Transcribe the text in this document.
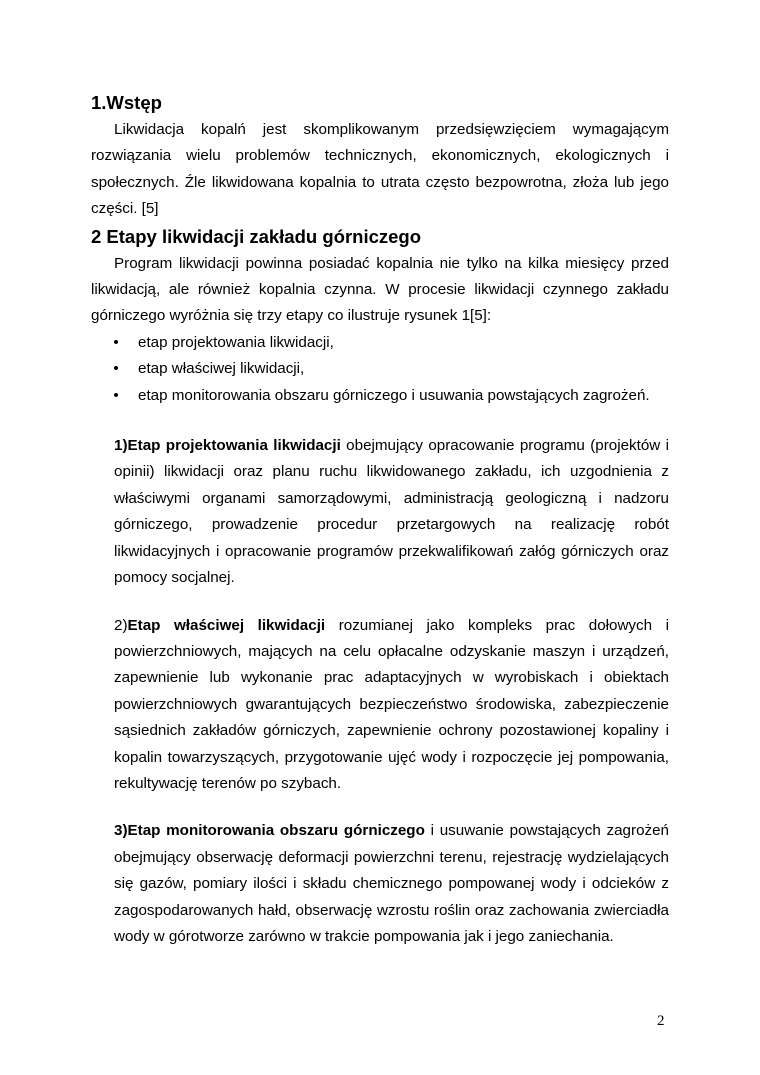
1.Wstęp

Likwidacja kopalń jest skomplikowanym przedsięwzięciem wymagającym rozwiązania wielu problemów technicznych, ekonomicznych, ekologicznych i społecznych. Źle likwidowana kopalnia to utrata często bezpowrotna, złoża lub jego części. [5]

2 Etapy likwidacji zakładu górniczego

Program likwidacji powinna posiadać kopalnia nie tylko na kilka miesięcy przed likwidacją, ale również kopalnia czynna. W procesie likwidacji czynnego zakładu górniczego wyróżnia się trzy etapy co ilustruje rysunek 1[5]:

• etap projektowania likwidacji,
• etap właściwej likwidacji,
• etap monitorowania obszaru górniczego i usuwania powstających zagrożeń.

1)Etap projektowania likwidacji obejmujący opracowanie programu (projektów i opinii) likwidacji oraz planu ruchu likwidowanego zakładu, ich uzgodnienia z właściwymi organami samorządowymi, administracją geologiczną i nadzoru górniczego, prowadzenie procedur przetargowych na realizację robót likwidacyjnych i opracowanie programów przekwalifikowań załóg górniczych oraz pomocy socjalnej.

2)Etap właściwej likwidacji rozumianej jako kompleks prac dołowych i powierzchniowych, mających na celu opłacalne odzyskanie maszyn i urządzeń, zapewnienie lub wykonanie prac adaptacyjnych w wyrobiskach i obiektach powierzchniowych gwarantujących bezpieczeństwo środowiska, zabezpieczenie sąsiednich zakładów górniczych, zapewnienie ochrony pozostawionej kopaliny i kopalin towarzyszących, przygotowanie ujęć wody i rozpoczęcie jej pompowania, rekultywację terenów po szybach.

3)Etap monitorowania obszaru górniczego i usuwanie powstających zagrożeń obejmujący obserwację deformacji powierzchni terenu, rejestrację wydzielających się gazów, pomiary ilości i składu chemicznego pompowanej wody i odcieków z zagospodarowanych hałd, obserwację wzrostu roślin oraz zachowania zwierciadła wody w górotworze zarówno w trakcie pompowania jak i jego zaniechania.

2
